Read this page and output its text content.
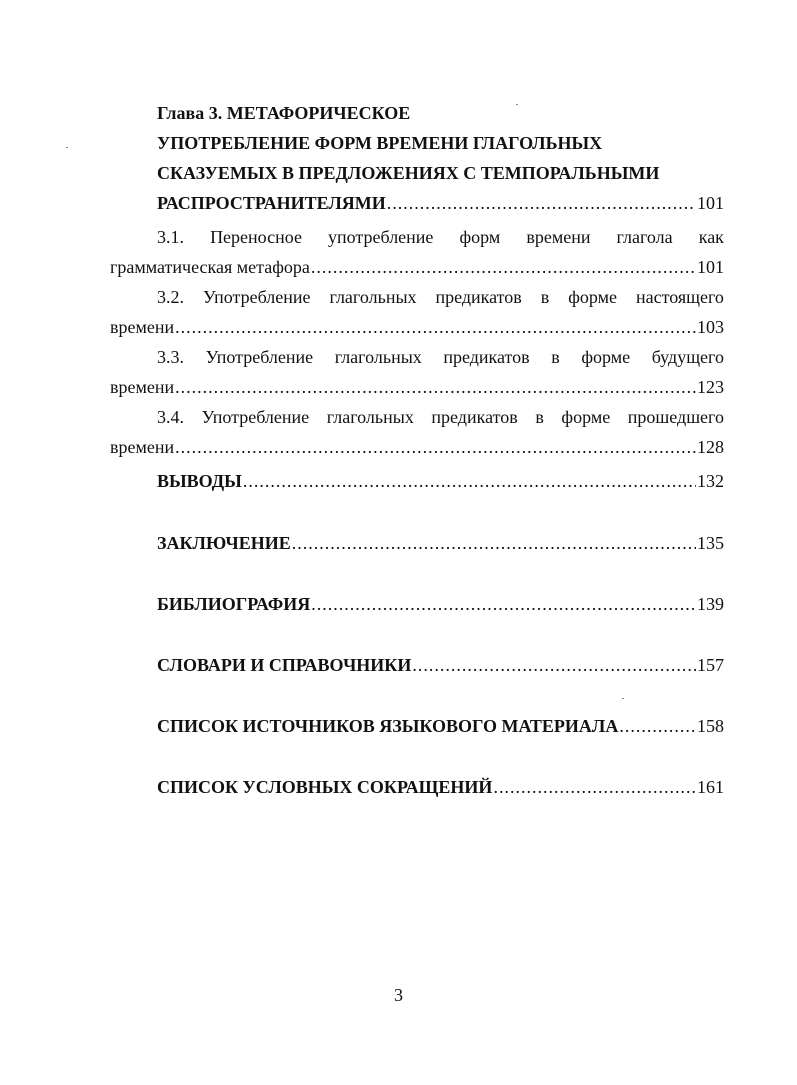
Глава 3. МЕТАФОРИЧЕСКОЕ
УПОТРЕБЛЕНИЕ ФОРМ ВРЕМЕНИ ГЛАГОЛЬНЫХ
СКАЗУЕМЫХ В ПРЕДЛОЖЕНИЯХ С ТЕМПОРАЛЬНЫМИ
РАСПРОСТРАНИТЕЛЯМИ .....	101
3.1. Переносное употребление форм времени глагола как
грамматическая метафора .....	101
3.2. Употребление глагольных предикатов в форме настоящего
времени .....	103
3.3. Употребление глагольных предикатов в форме будущего
времени .....	123
3.4. Употребление глагольных предикатов в форме прошедшего
времени .....	128
ВЫВОДЫ .....	132
ЗАКЛЮЧЕНИЕ .....	135
БИБЛИОГРАФИЯ .....	139
СЛОВАРИ И СПРАВОЧНИКИ .....	157
СПИСОК ИСТОЧНИКОВ ЯЗЫКОВОГО МАТЕРИАЛА .....	158
СПИСОК УСЛОВНЫХ СОКРАЩЕНИЙ .....	161
3
